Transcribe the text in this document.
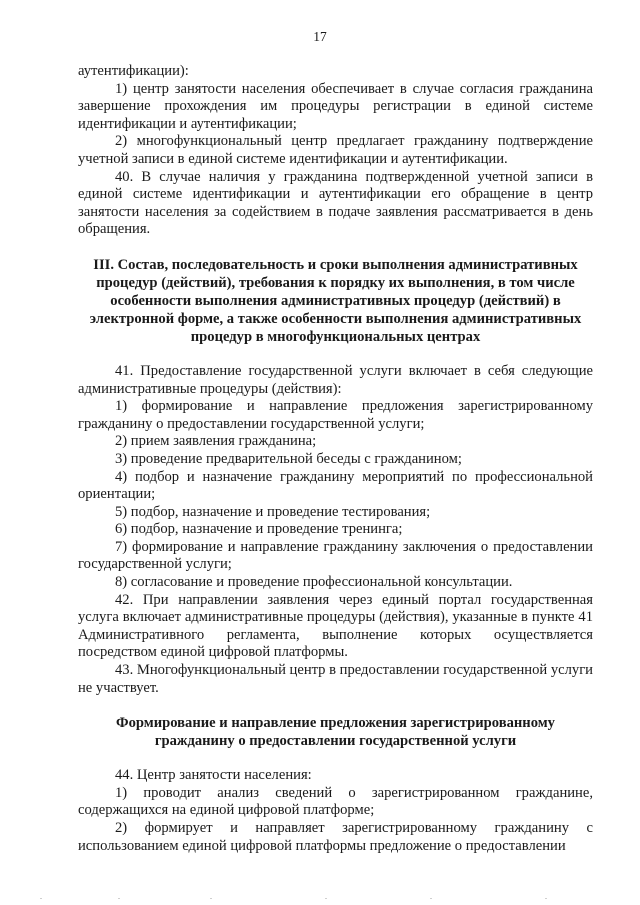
17

аутентификации):

1) центр занятости населения обеспечивает в случае согласия гражданина завершение прохождения им процедуры регистрации в единой системе идентификации и аутентификации;

2) многофункциональный центр предлагает гражданину подтверждение учетной записи в единой системе идентификации и аутентификации.

40. В случае наличия у гражданина подтвержденной учетной записи в единой системе идентификации и аутентификации его обращение в центр занятости населения за содействием в подаче заявления рассматривается в день обращения.

III. Состав, последовательность и сроки выполнения административных процедур (действий), требования к порядку их выполнения, в том числе особенности выполнения административных процедур (действий) в электронной форме, а также особенности выполнения административных процедур в многофункциональных центрах

41. Предоставление государственной услуги включает в себя следующие административные процедуры (действия):

1) формирование и направление предложения зарегистрированному гражданину о предоставлении государственной услуги;

2) прием заявления гражданина;

3) проведение предварительной беседы с гражданином;

4) подбор и назначение гражданину мероприятий по профессиональной ориентации;

5) подбор, назначение и проведение тестирования;

6) подбор, назначение и проведение тренинга;

7) формирование и направление гражданину заключения о предоставлении государственной услуги;

8) согласование и проведение профессиональной консультации.

42. При направлении заявления через единый портал государственная услуга включает административные процедуры (действия), указанные в пункте 41 Административного регламента, выполнение которых осуществляется посредством единой цифровой платформы.

43. Многофункциональный центр в предоставлении государственной услуги не участвует.

Формирование и направление предложения зарегистрированному гражданину о предоставлении государственной услуги

44. Центр занятости населения:

1) проводит анализ сведений о зарегистрированном гражданине, содержащихся на единой цифровой платформе;

2) формирует и направляет зарегистрированному гражданину с использованием единой цифровой платформы предложение о предоставлении
